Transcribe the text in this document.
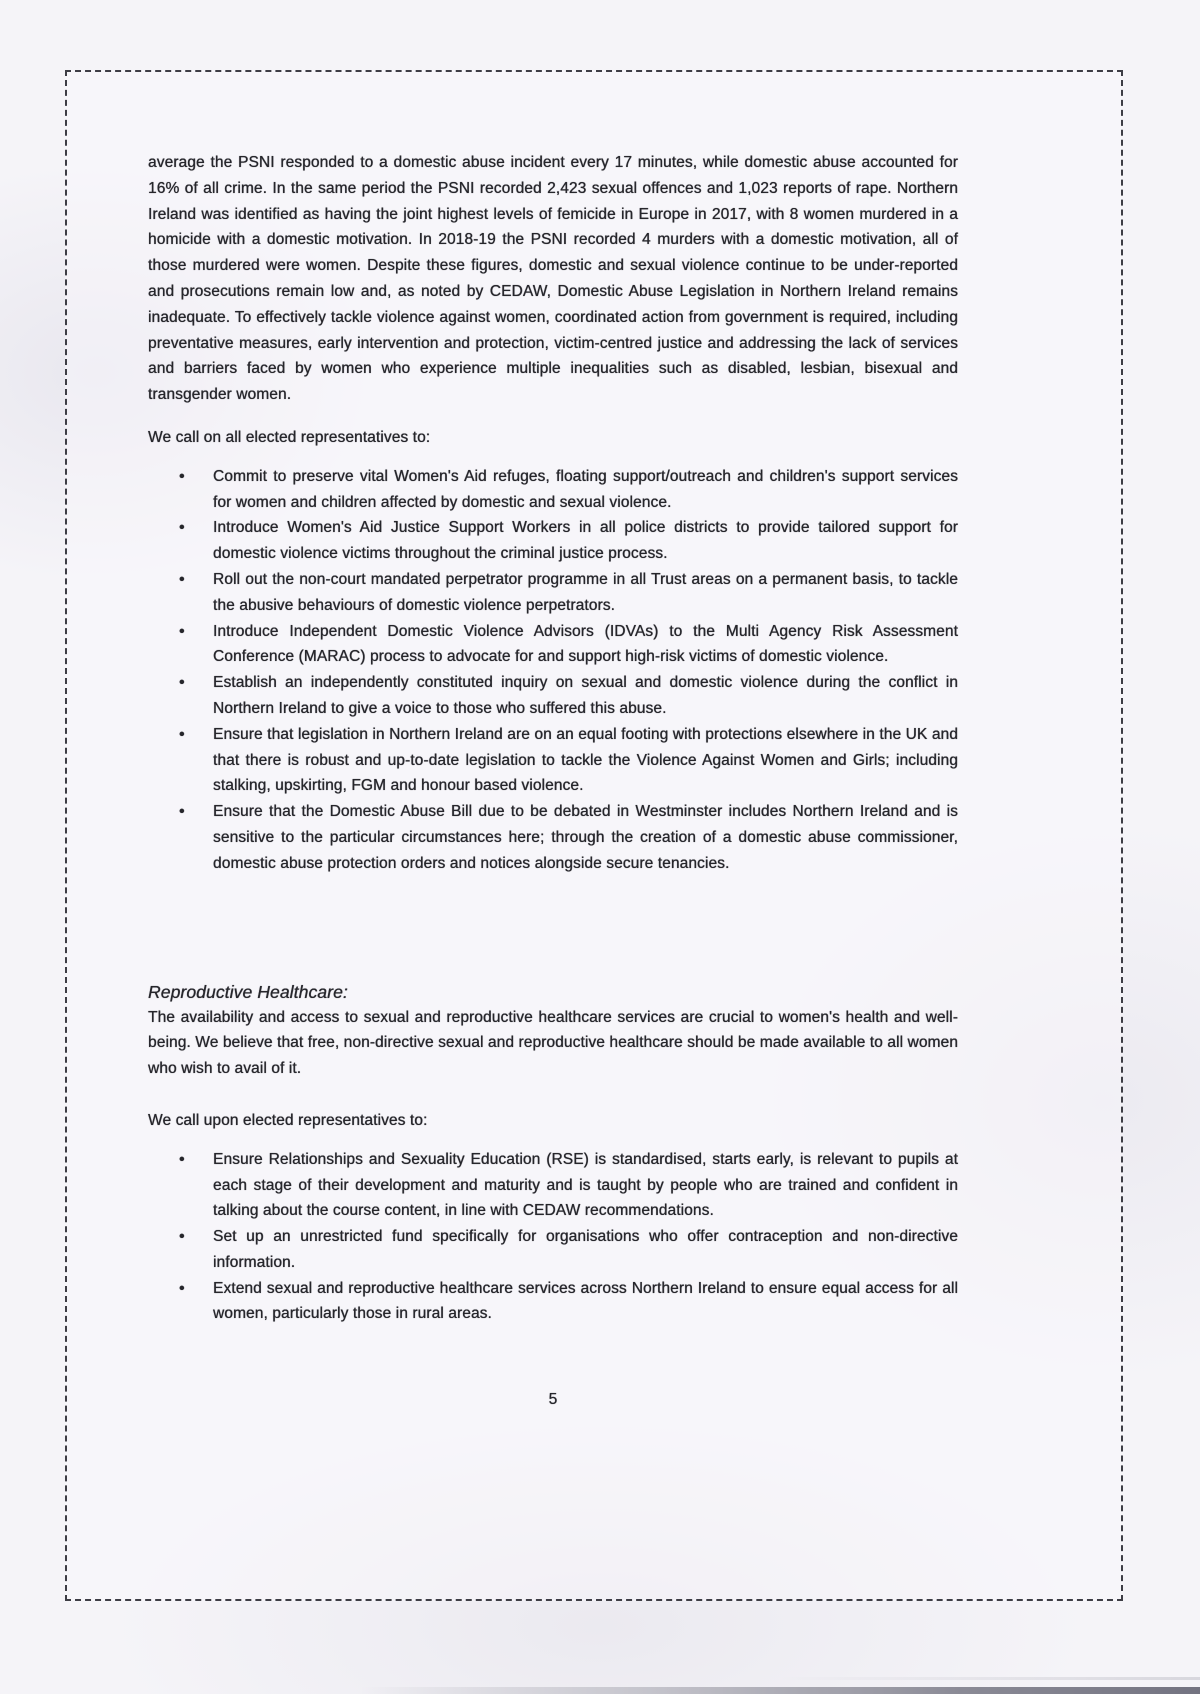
average the PSNI responded to a domestic abuse incident every 17 minutes, while domestic abuse accounted for 16% of all crime. In the same period the PSNI recorded 2,423 sexual offences and 1,023 reports of rape. Northern Ireland was identified as having the joint highest levels of femicide in Europe in 2017, with 8 women murdered in a homicide with a domestic motivation. In 2018-19 the PSNI recorded 4 murders with a domestic motivation, all of those murdered were women. Despite these figures, domestic and sexual violence continue to be under-reported and prosecutions remain low and, as noted by CEDAW, Domestic Abuse Legislation in Northern Ireland remains inadequate. To effectively tackle violence against women, coordinated action from government is required, including preventative measures, early intervention and protection, victim-centred justice and addressing the lack of services and barriers faced by women who experience multiple inequalities such as disabled, lesbian, bisexual and transgender women.

We call on all elected representatives to:

• Commit to preserve vital Women's Aid refuges, floating support/outreach and children's support services for women and children affected by domestic and sexual violence.
• Introduce Women's Aid Justice Support Workers in all police districts to provide tailored support for domestic violence victims throughout the criminal justice process.
• Roll out the non-court mandated perpetrator programme in all Trust areas on a permanent basis, to tackle the abusive behaviours of domestic violence perpetrators.
• Introduce Independent Domestic Violence Advisors (IDVAs) to the Multi Agency Risk Assessment Conference (MARAC) process to advocate for and support high-risk victims of domestic violence.
• Establish an independently constituted inquiry on sexual and domestic violence during the conflict in Northern Ireland to give a voice to those who suffered this abuse.
• Ensure that legislation in Northern Ireland are on an equal footing with protections elsewhere in the UK and that there is robust and up-to-date legislation to tackle the Violence Against Women and Girls; including stalking, upskirting, FGM and honour based violence.
• Ensure that the Domestic Abuse Bill due to be debated in Westminster includes Northern Ireland and is sensitive to the particular circumstances here; through the creation of a domestic abuse commissioner, domestic abuse protection orders and notices alongside secure tenancies.
Reproductive Healthcare:

The availability and access to sexual and reproductive healthcare services are crucial to women's health and well-being. We believe that free, non-directive sexual and reproductive healthcare should be made available to all women who wish to avail of it.

We call upon elected representatives to:

• Ensure Relationships and Sexuality Education (RSE) is standardised, starts early, is relevant to pupils at each stage of their development and maturity and is taught by people who are trained and confident in talking about the course content, in line with CEDAW recommendations.
• Set up an unrestricted fund specifically for organisations who offer contraception and non-directive information.
• Extend sexual and reproductive healthcare services across Northern Ireland to ensure equal access for all women, particularly those in rural areas.
5
